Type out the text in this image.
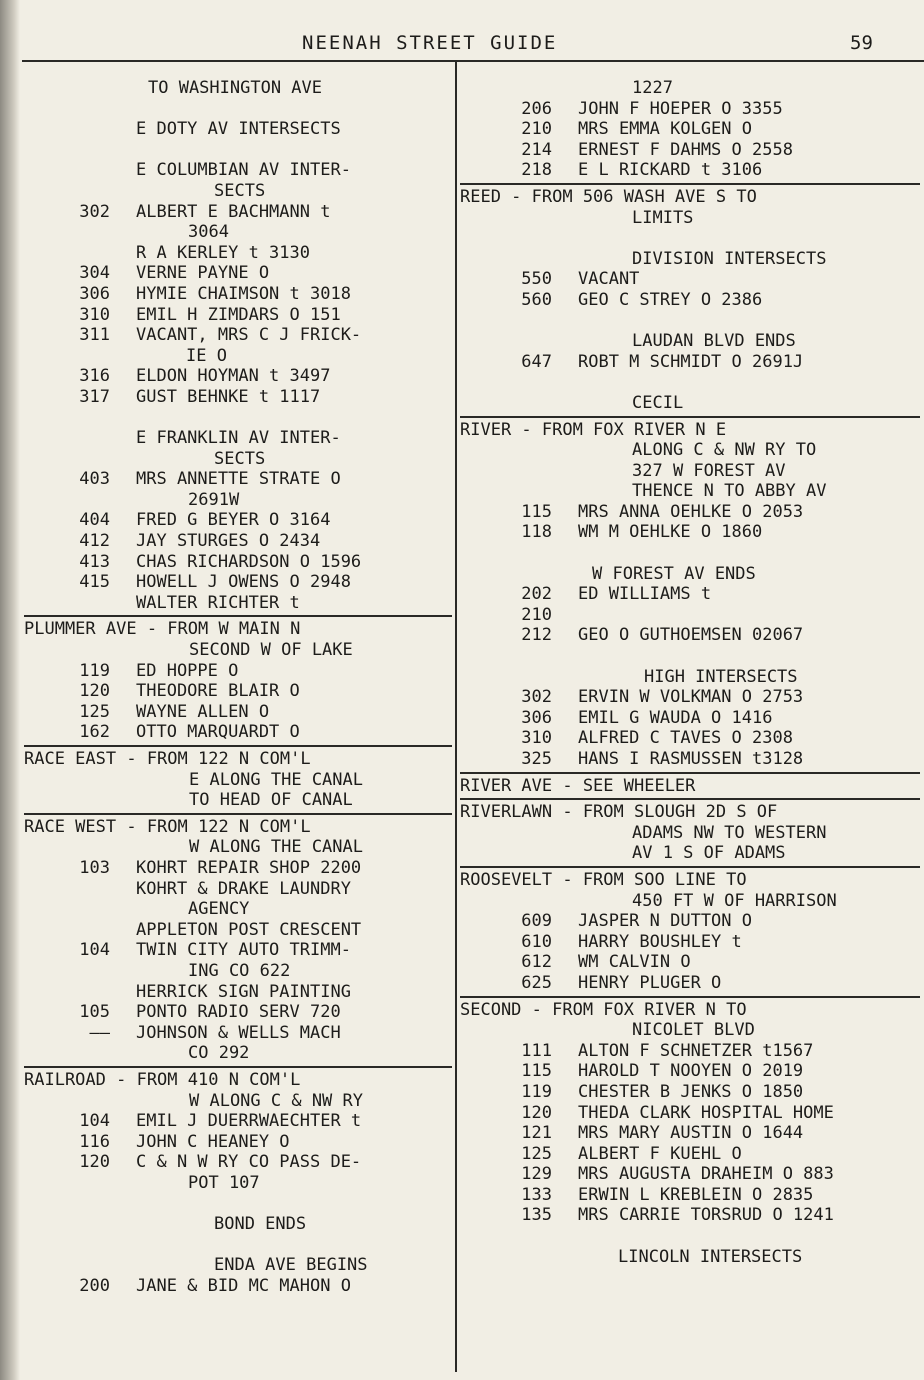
NEENAH STREET GUIDE	59
TO WASHINGTON AVE
E DOTY AV INTERSECTS
E COLUMBIAN AV INTER-
SECTS
302 ALBERT E BACHMANN t
3064
R A KERLEY t 3130
304 VERNE PAYNE O
306 HYMIE CHAIMSON t 3018
310 EMIL H ZIMDARS O 151
311 VACANT, MRS C J FRICK-
IE O
316 ELDON HOYMAN t 3497
317 GUST BEHNKE t 1117
E FRANKLIN AV INTER-
SECTS
403 MRS ANNETTE STRATE O
2691W
404 FRED G BEYER O 3164
412 JAY STURGES O 2434
413 CHAS RICHARDSON O 1596
415 HOWELL J OWENS O 2948
WALTER RICHTER t
PLUMMER AVE - FROM W MAIN N
SECOND W OF LAKE
119 ED HOPPE O
120 THEODORE BLAIR O
125 WAYNE ALLEN O
162 OTTO MARQUARDT O
RACE EAST - FROM 122 N COM'L
E ALONG THE CANAL
TO HEAD OF CANAL
RACE WEST - FROM 122 N COM'L
W ALONG THE CANAL
103 KOHRT REPAIR SHOP 2200
KOHRT & DRAKE LAUNDRY
AGENCY
APPLETON POST CRESCENT
104 TWIN CITY AUTO TRIMM-
ING CO 622
HERRICK SIGN PAINTING
105 PONTO RADIO SERV 720
—— JOHNSON & WELLS MACH
CO 292
RAILROAD - FROM 410 N COM'L
W ALONG C & NW RY
104 EMIL J DUERRWAECHTER t
116 JOHN C HEANEY O
120 C & N W RY CO PASS DE-
POT 107
BOND ENDS
ENDA AVE BEGINS
200 JANE & BID MC MAHON O
1227
206 JOHN F HOEPER O 3355
210 MRS EMMA KOLGEN O
214 ERNEST F DAHMS O 2558
218 E L RICKARD t 3106
REED - FROM 506 WASH AVE S TO
LIMITS
DIVISION INTERSECTS
550 VACANT
560 GEO C STREY O 2386
LAUDAN BLVD ENDS
647 ROBT M SCHMIDT O 2691J
CECIL
RIVER - FROM FOX RIVER N E
ALONG C & NW RY TO
327 W FOREST AV
THENCE N TO ABBY AV
115 MRS ANNA OEHLKE O 2053
118 WM M OEHLKE O 1860
W FOREST AV ENDS
202 ED WILLIAMS t
210
212 GEO O GUTHOEMSEN 02067
HIGH INTERSECTS
302 ERVIN W VOLKMAN O 2753
306 EMIL G WAUDA O 1416
310 ALFRED C TAVES O 2308
325 HANS I RASMUSSEN t3128
RIVER AVE - SEE WHEELER
RIVERLAWN - FROM SLOUGH 2D S OF
ADAMS NW TO WESTERN
AV 1 S OF ADAMS
ROOSEVELT - FROM SOO LINE TO
450 FT W OF HARRISON
609 JASPER N DUTTON O
610 HARRY BOUSHLEY t
612 WM CALVIN O
625 HENRY PLUGER O
SECOND - FROM FOX RIVER N TO
NICOLET BLVD
111 ALTON F SCHNETZER t1567
115 HAROLD T NOOYEN O 2019
119 CHESTER B JENKS O 1850
120 THEDA CLARK HOSPITAL HOME
121 MRS MARY AUSTIN O 1644
125 ALBERT F KUEHL O
129 MRS AUGUSTA DRAHEIM O 883
133 ERWIN L KREBLEIN O 2835
135 MRS CARRIE TORSRUD O 1241
LINCOLN INTERSECTS
